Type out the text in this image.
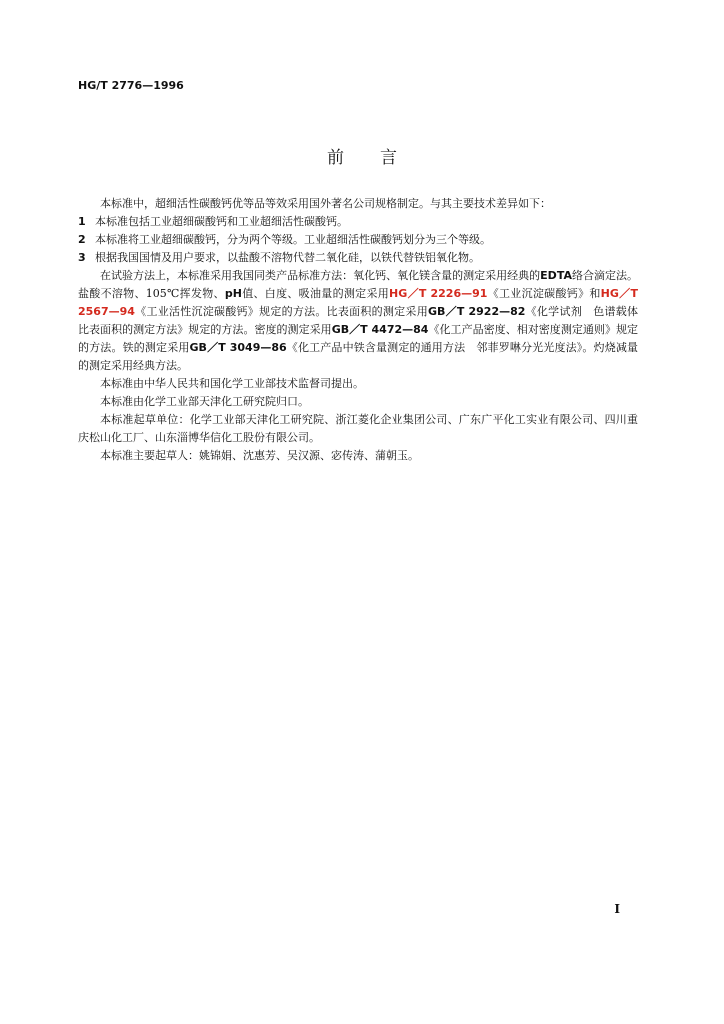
HG/T 2776—1996
前言

本标准中，超细活性碳酸钙优等品等效采用国外著名公司规格制定。与其主要技术差异如下：

1 本标准包括工业超细碳酸钙和工业超细活性碳酸钙。
2 本标准将工业超细碳酸钙，分为两个等级。工业超细活性碳酸钙划分为三个等级。
3 根据我国国情及用户要求，以盐酸不溶物代替二氧化硅，以铁代替铁铝氧化物。

在试验方法上，本标准采用我国同类产品标准方法：氧化钙、氧化镁含量的测定采用经典的EDTA络合滴定法。盐酸不溶物、105℃挥发物、pH值、白度、吸油量的测定采用HG／T 2226—91《工业沉淀碳酸钙》和HG／T 2567—94《工业活性沉淀碳酸钙》规定的方法。比表面积的测定采用GB／T 2922—82《化学试剂　色谱载体比表面积的测定方法》规定的方法。密度的测定采用GB／T 4472—84《化工产品密度、相对密度测定通则》规定的方法。铁的测定采用GB／T 3049—86《化工产品中铁含量测定的通用方法　邻菲罗啉分光光度法》。灼烧减量的测定采用经典方法。

本标准由中华人民共和国化学工业部技术监督司提出。

本标准由化学工业部天津化工研究院归口。

本标准起草单位：化学工业部天津化工研究院、浙江菱化企业集团公司、广东广平化工实业有限公司、四川重庆松山化工厂、山东淄博华信化工股份有限公司。

本标准主要起草人：姚锦娟、沈惠芳、吴汉源、宓传涛、蒲朝玉。

I
